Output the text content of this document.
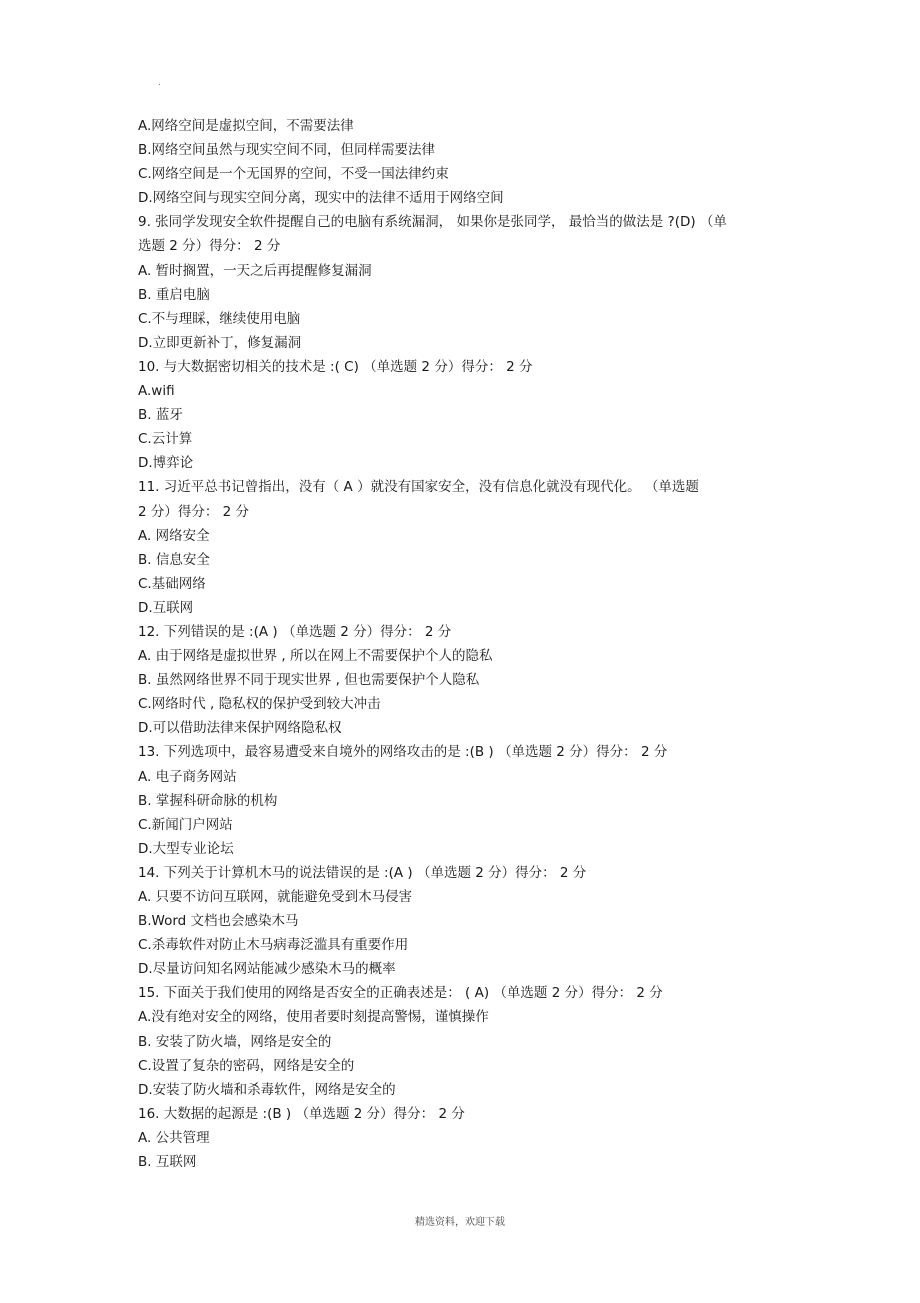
.
A.网络空间是虚拟空间，不需要法律
B.网络空间虽然与现实空间不同，但同样需要法律
C.网络空间是一个无国界的空间，不受一国法律约束
D.网络空间与现实空间分离，现实中的法律不适用于网络空间
9. 张同学发现安全软件提醒自己的电脑有系统漏洞， 如果你是张同学， 最恰当的做法是 ?(D) （单
选题 2 分）得分： 2 分
A. 暂时搁置，一天之后再提醒修复漏洞
B. 重启电脑
C.不与理睬，继续使用电脑
D.立即更新补丁，修复漏洞
10. 与大数据密切相关的技术是 :( C) （单选题 2 分）得分： 2 分
A.wifi
B. 蓝牙
C.云计算
D.博弈论
11. 习近平总书记曾指出，没有（ A ）就没有国家安全，没有信息化就没有现代化。 （单选题
2 分）得分： 2 分
A. 网络安全
B. 信息安全
C.基础网络
D.互联网
12. 下列错误的是 :(A ) （单选题 2 分）得分： 2 分
A. 由于网络是虚拟世界 , 所以在网上不需要保护个人的隐私
B. 虽然网络世界不同于现实世界 , 但也需要保护个人隐私
C.网络时代 , 隐私权的保护受到较大冲击
D.可以借助法律来保护网络隐私权
13. 下列选项中，最容易遭受来自境外的网络攻击的是 :(B ) （单选题 2 分）得分： 2 分
A. 电子商务网站
B. 掌握科研命脉的机构
C.新闻门户网站
D.大型专业论坛
14. 下列关于计算机木马的说法错误的是 :(A ) （单选题 2 分）得分： 2 分
A. 只要不访问互联网，就能避免受到木马侵害
B.Word 文档也会感染木马
C.杀毒软件对防止木马病毒泛滥具有重要作用
D.尽量访问知名网站能减少感染木马的概率
15. 下面关于我们使用的网络是否安全的正确表述是： ( A) （单选题 2 分）得分： 2 分
A.没有绝对安全的网络，使用者要时刻提高警惕，谨慎操作
B. 安装了防火墙，网络是安全的
C.设置了复杂的密码，网络是安全的
D.安装了防火墙和杀毒软件，网络是安全的
16. 大数据的起源是 :(B ) （单选题 2 分）得分： 2 分
A. 公共管理
B. 互联网
精选资料，欢迎下载
